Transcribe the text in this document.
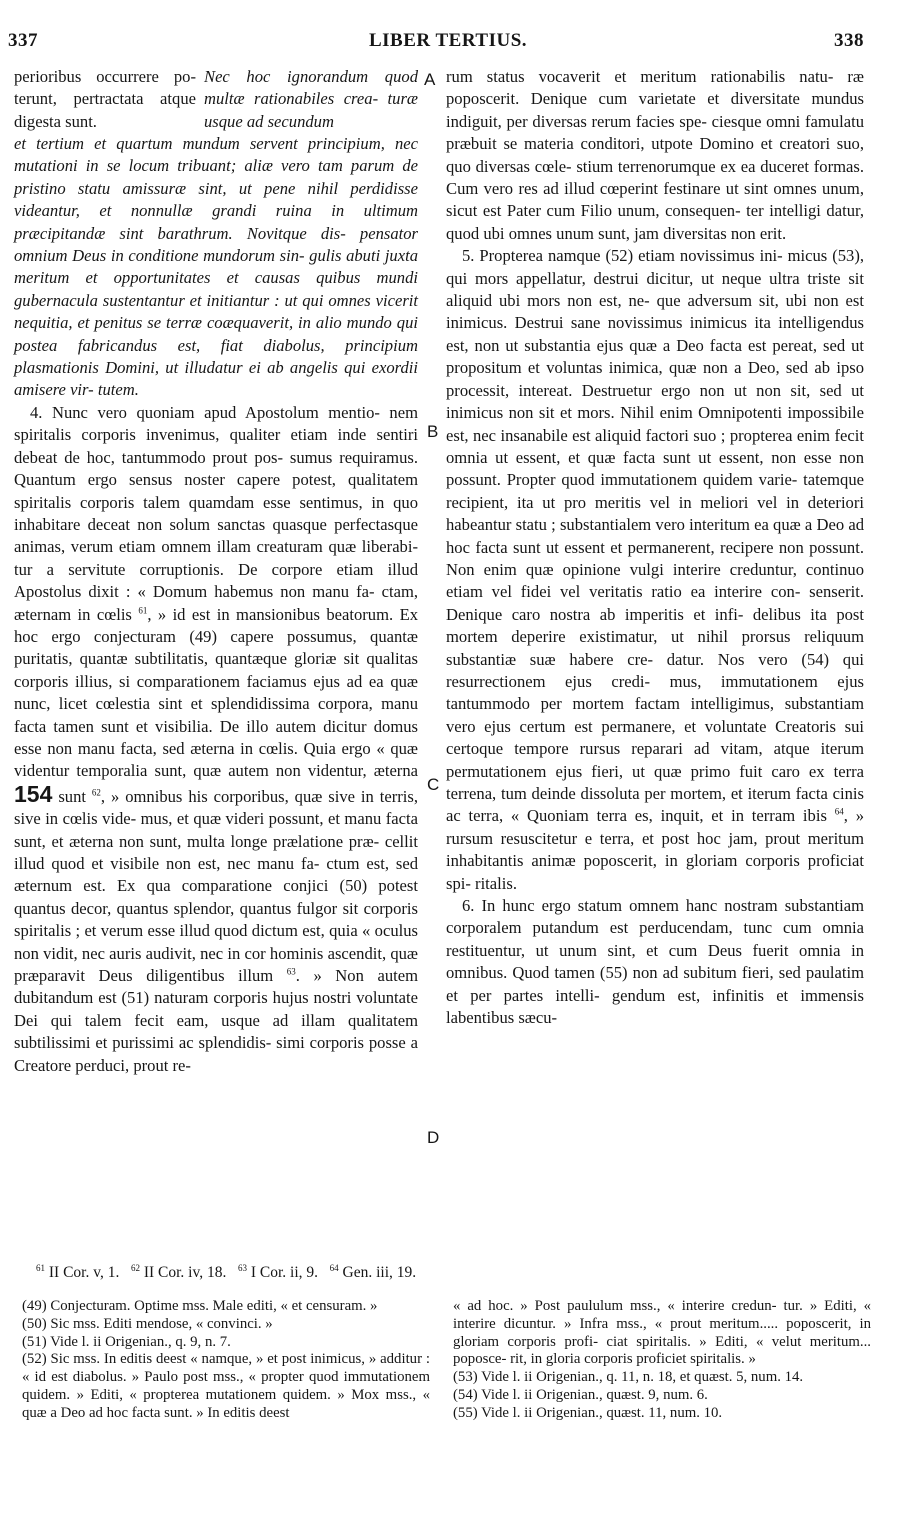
337	LIBER TERTIUS.	338
perioribus occurrere po- terunt, pertractata atque digesta sunt.
Nec hoc ignorandum quod multæ rationabiles crea- turæ usque ad secundum

et tertium et quartum mundum servent principium, nec mutationi in se locum tribuant; aliæ vero tam parum de pristino statu amissuræ sint, ut pene nihil perdidisse videantur, et nonnullæ grandi ruina in ultimum præcipitandæ sint barathrum. Novitque dis- pensator omnium Deus in conditione mundorum sin- gulis abuti juxta meritum et opportunitates et causas quibus mundi gubernacula sustentantur et initiantur : ut qui omnes vicerit nequitia, et penitus se terræ coæquaverit, in alio mundo qui postea fabricandus est, fiat diabolus, principium plasmationis Domini, ut illudatur ei ab angelis qui exordii amisere vir- tutem.

4. Nunc vero quoniam apud Apostolum mentio- nem spiritalis corporis invenimus, qualiter etiam inde sentiri debeat de hoc, tantummodo prout pos- sumus requiramus. Quantum ergo sensus noster capere potest, qualitatem spiritalis corporis talem quamdam esse sentimus, in quo inhabitare deceat non solum sanctas quasque perfectasque animas, verum etiam omnem illam creaturam quæ liberabi- tur a servitute corruptionis. De corpore etiam illud Apostolus dixit : « Domum habemus non manu fa- ctam, æternam in cœlis $^{61}$, » id est in mansionibus beatorum. Ex hoc ergo conjecturam (49) capere possumus, quantæ puritatis, quantæ subtilitatis, quantæque gloriæ sit qualitas corporis illius, si comparationem faciamus ejus ad ea quæ nunc, licet cœlestia sint et splendidissima corpora, manu facta tamen sunt et visibilia. De illo autem dicitur domus esse non manu facta, sed æterna in cœlis. Quia ergo « quæ videntur temporalia sunt, quæ autem non videntur, æterna 154 sunt $^{62}$, » omnibus his corporibus, quæ sive in terris, sive in cœlis vide- mus, et quæ videri possunt, et manu facta sunt, et æterna non sunt, multa longe prælatione præ- cellit illud quod et visibile non est, nec manu fa- ctum est, sed æternum est. Ex qua comparatione conjici (50) potest quantus decor, quantus splendor, quantus fulgor sit corporis spiritalis ; et verum esse illud quod dictum est, quia « oculus non vidit, nec auris audivit, nec in cor hominis ascendit, quæ præparavit Deus diligentibus illum $^{63}$. » Non autem dubitandum est (51) naturam corporis hujus nostri voluntate Dei qui talem fecit eam, usque ad illam qualitatem subtilissimi et purissimi ac splendidis- simi corporis posse a Creatore perduci, prout re-

A
B
C
D

rum status vocaverit et meritum rationabilis natu- ræ poposcerit. Denique cum varietate et diversitate mundus indiguit, per diversas rerum facies spe- ciesque omni famulatu præbuit se materia conditori, utpote Domino et creatori suo, quo diversas cœle- stium terrenorumque ex ea duceret formas. Cum vero res ad illud cœperint festinare ut sint omnes unum, sicut est Pater cum Filio unum, consequen- ter intelligi datur, quod ubi omnes unum sunt, jam diversitas non erit.

5. Propterea namque (52) etiam novissimus ini- micus (53), qui mors appellatur, destrui dicitur, ut neque ultra triste sit aliquid ubi mors non est, ne- que adversum sit, ubi non est inimicus. Destrui sane novissimus inimicus ita intelligendus est, non ut substantia ejus quæ a Deo facta est pereat, sed ut propositum et voluntas inimica, quæ non a Deo, sed ab ipso processit, intereat. Destruetur ergo non ut non sit, sed ut inimicus non sit et mors. Nihil enim Omnipotenti impossibile est, nec insanabile est aliquid factori suo ; propterea enim fecit omnia ut essent, et quæ facta sunt ut essent, non esse non possunt. Propter quod immutationem quidem varie- tatemque recipient, ita ut pro meritis vel in meliori vel in deteriori habeantur statu ; substantialem vero interitum ea quæ a Deo ad hoc facta sunt ut essent et permanerent, recipere non possunt. Non enim quæ opinione vulgi interire creduntur, continuo etiam vel fidei vel veritatis ratio ea interire con- senserit. Denique caro nostra ab imperitis et infi- delibus ita post mortem deperire existimatur, ut nihil prorsus reliquum substantiæ suæ habere cre- datur. Nos vero (54) qui resurrectionem ejus credi- mus, immutationem ejus tantummodo per mortem factam intelligimus, substantiam vero ejus certum est permanere, et voluntate Creatoris sui certoque tempore rursus reparari ad vitam, atque iterum permutationem ejus fieri, ut quæ primo fuit caro ex terra terrena, tum deinde dissoluta per mortem, et iterum facta cinis ac terra, « Quoniam terra es, inquit, et in terram ibis $^{64}$, » rursum resuscitetur e terra, et post hoc jam, prout meritum inhabitantis animæ poposcerit, in gloriam corporis proficiat spi- ritalis.

6. In hunc ergo statum omnem hanc nostram substantiam corporalem putandum est perducendam, tunc cum omnia restituentur, ut unum sint, et cum Deus fuerit omnia in omnibus. Quod tamen (55) non ad subitum fieri, sed paulatim et per partes intelli- gendum est, infinitis et immensis labentibus sæcu-

$^{61}$ II Cor. v, 1. $^{62}$ II Cor. iv, 18. $^{63}$ I Cor. ii, 9. $^{64}$ Gen. iii, 19.

(49) Conjecturam. Optime mss. Male editi, « et censuram. »

(50) Sic mss. Editi mendose, « convinci. »

(51) Vide l. ii Origenian., q. 9, n. 7.

(52) Sic mss. In editis deest « namque, » et post inimicus, » additur : « id est diabolus. » Paulo post mss., « propter quod immutationem quidem. » Editi, « propterea mutationem quidem. » Mox mss., « quæ a Deo ad hoc facta sunt. » In editis deest

« ad hoc. » Post paululum mss., « interire credun- tur. » Editi, « interire dicuntur. » Infra mss., « prout meritum..... poposcerit, in gloriam corporis profi- ciat spiritalis. » Editi, « velut meritum... poposce- rit, in gloria corporis proficiet spiritalis. »

(53) Vide l. ii Origenian., q. 11, n. 18, et quæst. 5, num. 14.

(54) Vide l. ii Origenian., quæst. 9, num. 6.

(55) Vide l. ii Origenian., quæst. 11, num. 10.
